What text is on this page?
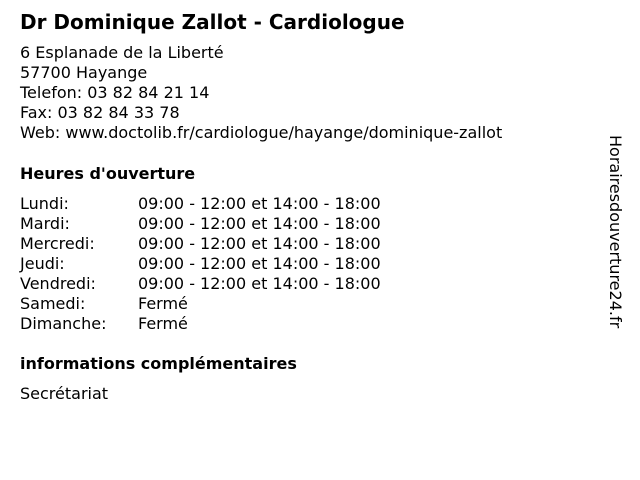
Dr Dominique Zallot - Cardiologue
6 Esplanade de la Liberté
57700 Hayange
Telefon: 03 82 84 21 14
Fax: 03 82 84 33 78
Web: www.doctolib.fr/cardiologue/hayange/dominique-zallot
Heures d'ouverture
Lundi:	09:00 - 12:00 et 14:00 - 18:00
Mardi:	09:00 - 12:00 et 14:00 - 18:00
Mercredi:	09:00 - 12:00 et 14:00 - 18:00
Jeudi:	09:00 - 12:00 et 14:00 - 18:00
Vendredi:	09:00 - 12:00 et 14:00 - 18:00
Samedi:	Fermé
Dimanche:	Fermé
informations complémentaires
Secrétariat
Horairesdouverture24.fr
